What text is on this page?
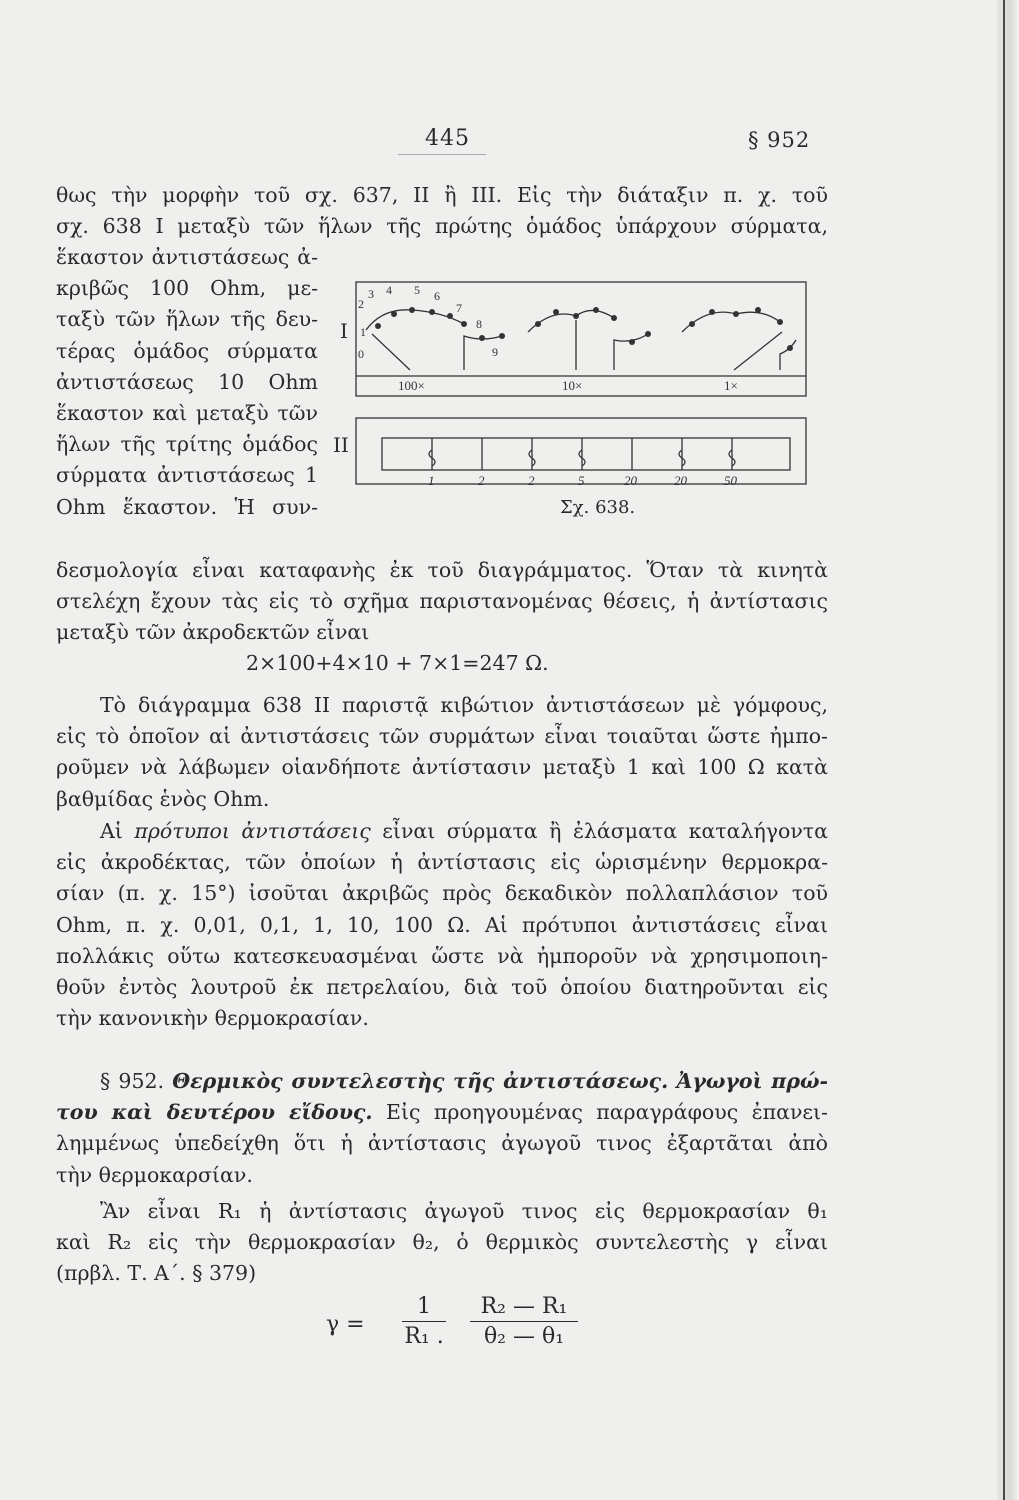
445	§ 952
θως τὴν μορφὴν τοῦ σχ. 637, II ἢ III. Εἰς τὴν διάταξιν π. χ. τοῦ
σχ. 638 I μεταξὺ τῶν ἥλων τῆς πρώτης ὁμάδος ὑπάρχουν σύρματα,
ἕκαστον ἀντιστάσεως ἀ-
κριβῶς 100 Ohm, με-
ταξὺ τῶν ἥλων τῆς δευ-
τέρας ὁμάδος σύρματα
ἀντιστάσεως 10 Ohm
ἕκαστον καὶ μεταξὺ τῶν
ἥλων τῆς τρίτης ὁμάδος
σύρματα ἀντιστάσεως 1
Ohm ἕκαστον. Ἡ συν-
I
II
2
3 4 5 6
7
8
9
1
0
100×	10×	1×
1	2	2	5	20	20	50
Σχ. 638.
δεσμολογία εἶναι καταφανὴς ἐκ τοῦ διαγράμματος. Ὅταν τὰ κινητὰ
στελέχη ἔχουν τὰς εἰς τὸ σχῆμα παριστανομένας θέσεις, ἡ ἀντίστασις
μεταξὺ τῶν ἀκροδεκτῶν εἶναι
2×100+4×10 + 7×1=247 Ω.
Τὸ διάγραμμα 638 II παριστᾷ κιβώτιον ἀντιστάσεων μὲ γόμφους,
εἰς τὸ ὁποῖον αἱ ἀντιστάσεις τῶν συρμάτων εἶναι τοιαῦται ὥστε ἠμπο-
ροῦμεν νὰ λάβωμεν οἱανδήποτε ἀντίστασιν μεταξὺ 1 καὶ 100 Ω κατὰ
βαθμίδας ἑνὸς Ohm.
Αἱ πρότυποι ἀντιστάσεις εἶναι σύρματα ἢ ἐλάσματα καταλήγοντα
εἰς ἀκροδέκτας, τῶν ὁποίων ἡ ἀντίστασις εἰς ὡρισμένην θερμοκρα-
σίαν (π. χ. 15°) ἰσοῦται ἀκριβῶς πρὸς δεκαδικὸν πολλαπλάσιον τοῦ
Ohm, π. χ. 0,01, 0,1, 1, 10, 100 Ω. Αἱ πρότυποι ἀντιστάσεις εἶναι
πολλάκις οὕτω κατεσκευασμέναι ὥστε νὰ ἠμποροῦν νὰ χρησιμοποιη-
θοῦν ἐντὸς λουτροῦ ἐκ πετρελαίου, διὰ τοῦ ὁποίου διατηροῦνται εἰς
τὴν κανονικὴν θερμοκρασίαν.
§ 952. Θερμικὸς συντελεστὴς τῆς ἀντιστάσεως. Ἀγωγοὶ πρώ-
του καὶ δευτέρου εἴδους. Εἰς προηγουμένας παραγράφους ἐπανει-
λημμένως ὑπεδείχθη ὅτι ἡ ἀντίστασις ἀγωγοῦ τινος ἐξαρτᾶται ἀπὸ
τὴν θερμοκαρσίαν.
Ἂν εἶναι R₁ ἡ ἀντίστασις ἀγωγοῦ τινος εἰς θερμοκρασίαν θ₁
καὶ R₂ εἰς τὴν θερμοκρασίαν θ₂, ὁ θερμικὸς συντελεστὴς γ εἶναι
(πρβλ. Τ. Α΄. § 379)
$\gamma = \frac{1}{\text{R₁ .}} \frac{\text{R₂ — R₁}}{\text{θ₂ — θ₁}}$
